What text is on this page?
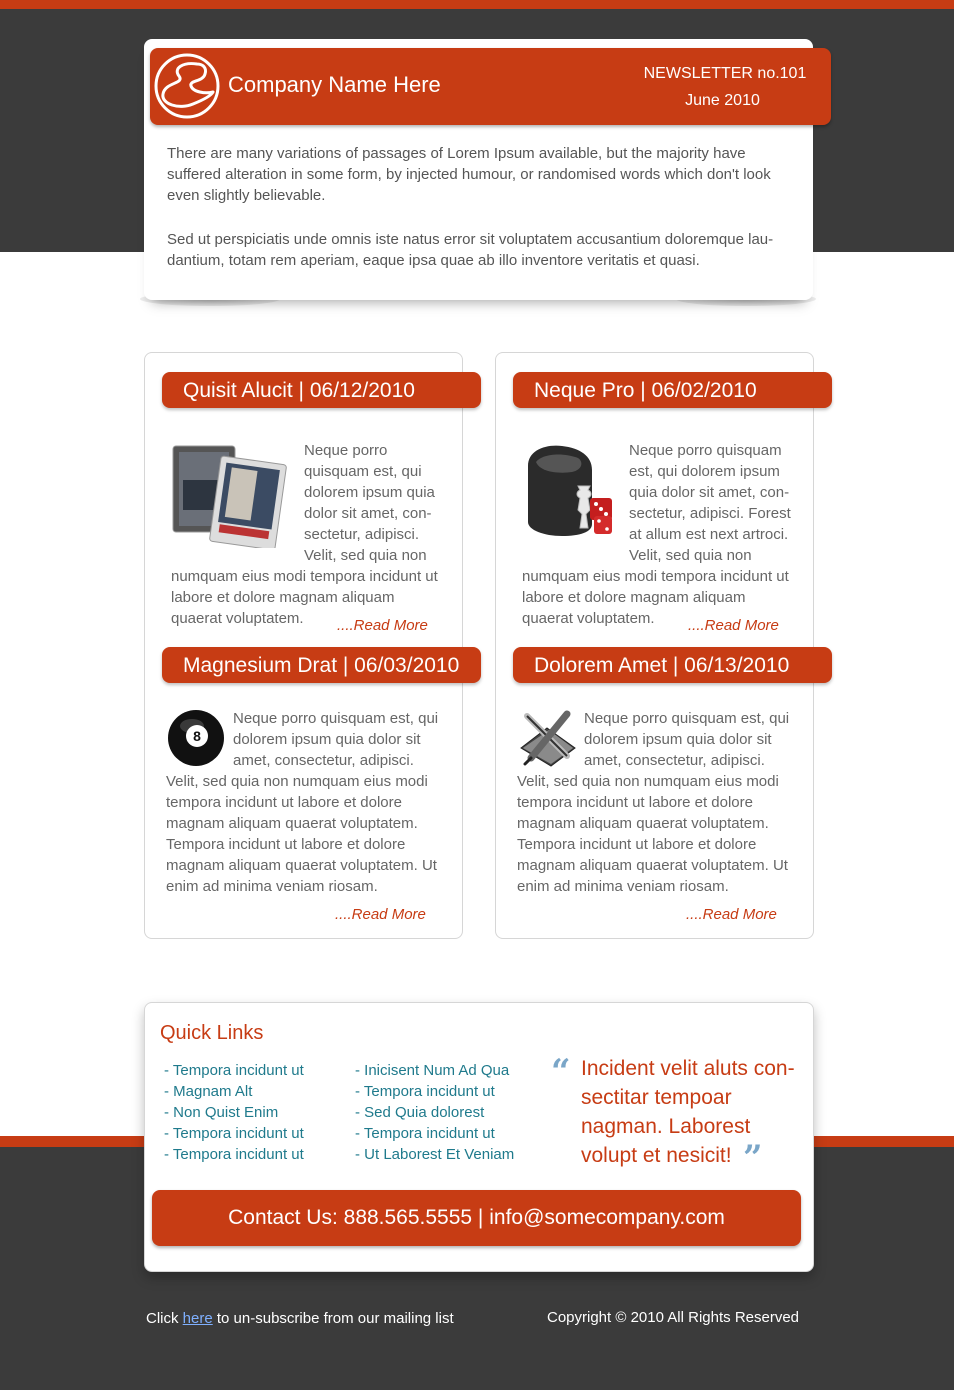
Company Name Here	NEWSLETTER no.101
June 2010

There are many variations of passages of Lorem Ipsum available, but the majority have suffered alteration in some form, by injected humour, or randomised words which don't look even slightly believable.

Sed ut perspiciatis unde omnis iste natus error sit voluptatem accusantium doloremque lau-dantium, totam rem aperiam, eaque ipsa quae ab illo inventore veritatis et quasi.

Quisit Alucit | 06/12/2010
Neque porro quisquam est, qui dolorem ipsum quia dolor sit amet, con-sectetur, adipisci. Velit, sed quia non numquam eius modi tempora incidunt ut labore et dolore magnam aliquam quaerat voluptatem.	....Read More
Neque Pro | 06/02/2010
Neque porro quisquam est, qui dolorem ipsum quia dolor sit amet, con-sectetur, adipisci. Forest at allum est next artroci. Velit, sed quia non numquam eius modi tempora incidunt ut labore et dolore magnam aliquam quaerat voluptatem.	....Read More
Magnesium Drat | 06/03/2010
8
Neque porro quisquam est, qui dolorem ipsum quia dolor sit amet, consectetur, adipisci. Velit, sed quia non numquam eius modi tempora incidunt ut labore et dolore magnam aliquam quaerat voluptatem. Tempora incidunt ut labore et dolore magnam aliquam quaerat voluptatem. Ut enim ad minima veniam riosam.
....Read More
Dolorem Amet | 06/13/2010
Neque porro quisquam est, qui dolorem ipsum quia dolor sit amet, consectetur, adipisci. Velit, sed quia non numquam eius modi tempora incidunt ut labore et dolore magnam aliquam quaerat voluptatem. Tempora incidunt ut labore et dolore magnam aliquam quaerat voluptatem. Ut enim ad minima veniam riosam.
....Read More
Quick Links
- Tempora incidunt ut
- Magnam Alt
- Non Quist Enim
- Tempora incidunt ut
- Tempora incidunt ut
- Inicisent Num Ad Qua
- Tempora incidunt ut
- Sed Quia dolorest
- Tempora incidunt ut
- Ut Laborest Et Veniam
“ Incident velit aluts con-sectitar tempoar nagman. Laborest volupt et nesicit! ”
Contact Us: 888.565.5555 | info@somecompany.com
Click here to un-subscribe from our mailing list	Copyright © 2010 All Rights Reserved
